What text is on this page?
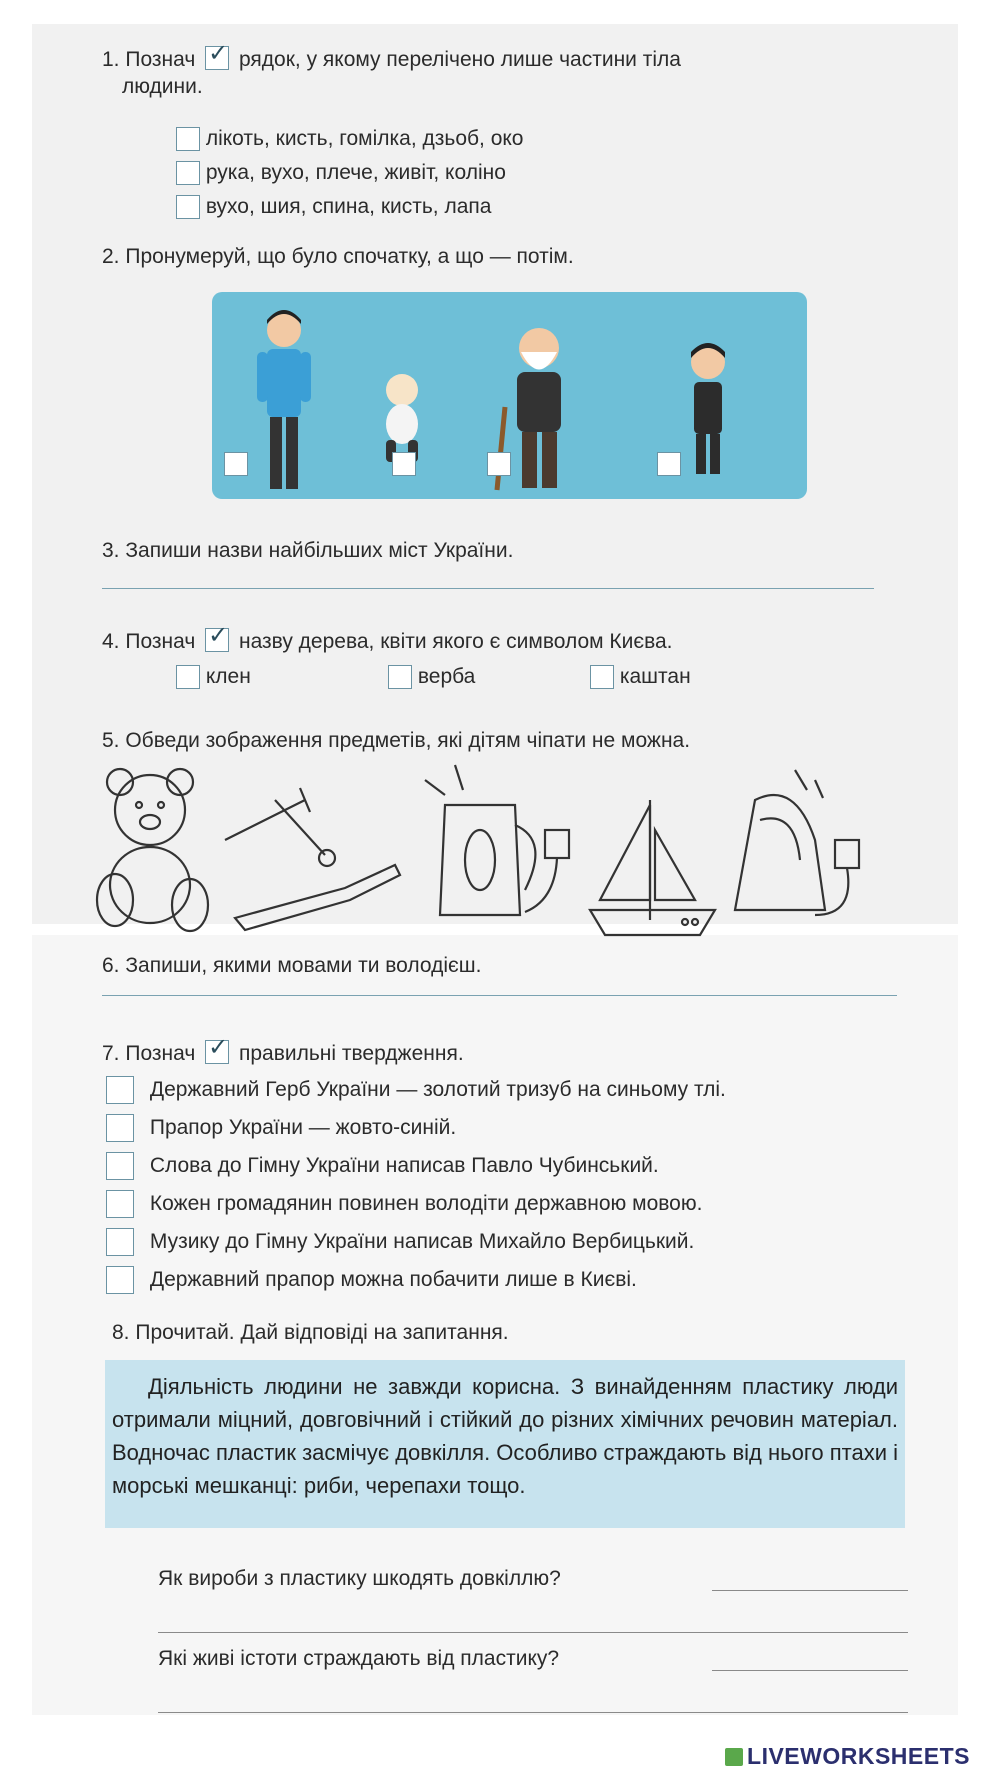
1. Познач ✓ рядок, у якому перелічено лише частини тіла
людини.
лікоть, кисть, гомілка, дзьоб, око
рука, вухо, плече, живіт, коліно
вухо, шия, спина, кисть, лапа
2. Пронумеруй, що було спочатку, а що — потім.
3. Запиши назви найбільших міст України.
4. Познач ✓ назву дерева, квіти якого є символом Києва.
клен	верба	каштан
5. Обведи зображення предметів, які дітям чіпати не можна.
6. Запиши, якими мовами ти володієш.
7. Познач ✓ правильні твердження.
Державний Герб України — золотий тризуб на синьому тлі.
Прапор України — жовто-синій.
Слова до Гімну України написав Павло Чубинський.
Кожен громадянин повинен володіти державною мовою.
Музику до Гімну України написав Михайло Вербицький.
Державний прапор можна побачити лише в Києві.
8. Прочитай. Дай відповіді на запитання.
Діяльність людини не завжди корисна. З винайденням пластику люди отримали міцний, довговічний і стійкий до різних хімічних речовин матеріал. Водночас пластик засмічує довкілля. Особливо страждають від нього птахи і морські мешканці: риби, черепахи тощо.
Як вироби з пластику шкодять довкіллю?
Які живі істоти страждають від пластику?
LIVEWORKSHEETS
